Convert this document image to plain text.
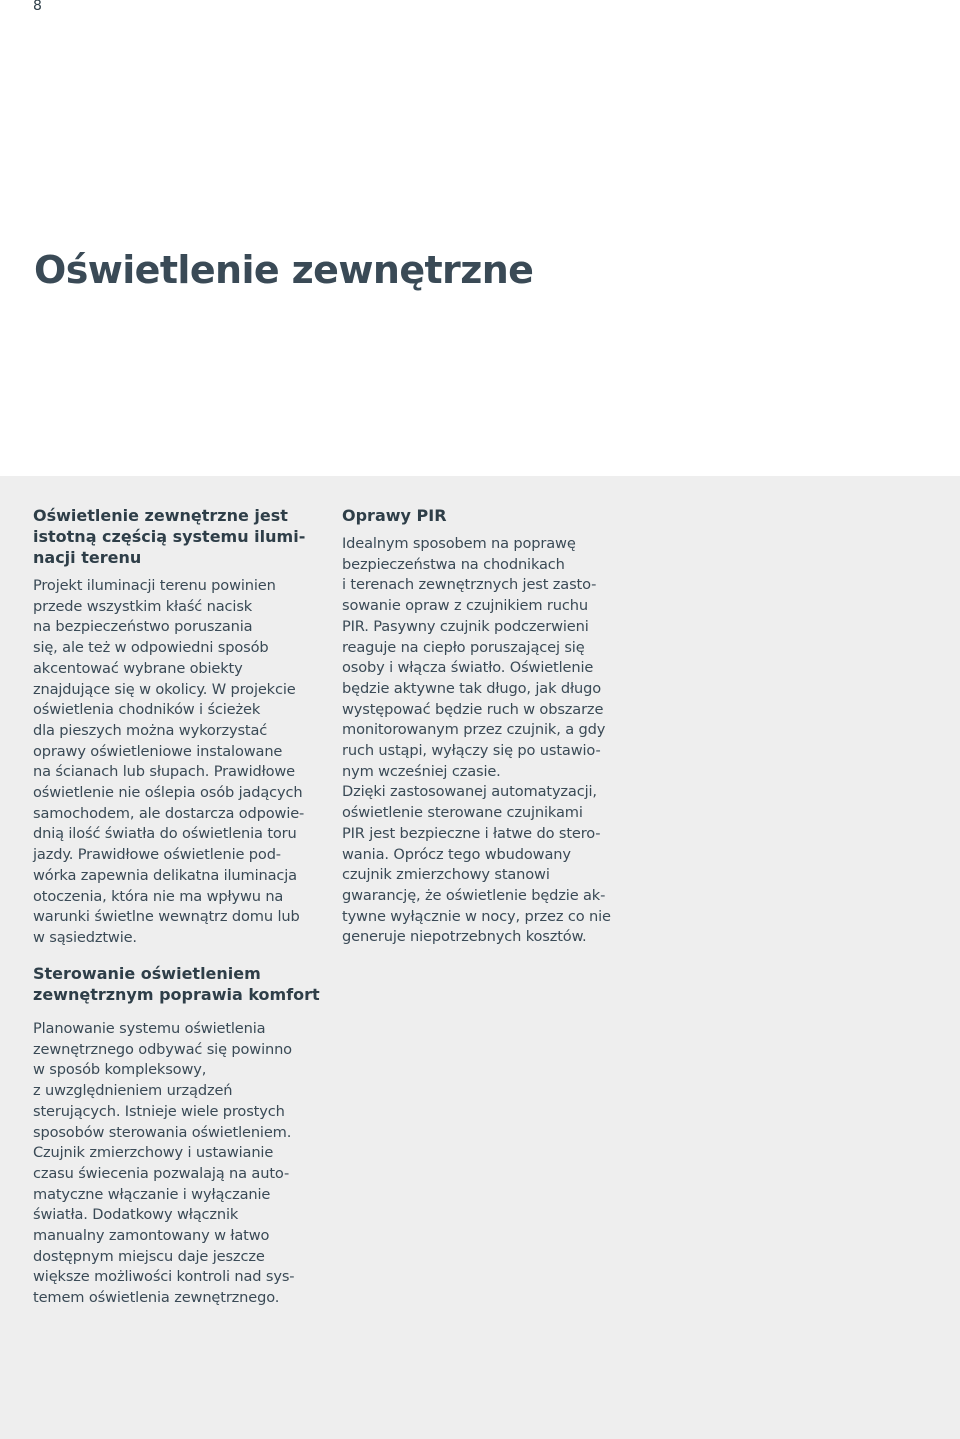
8
Oświetlenie zewnętrzne
Oświetlenie zewnętrzne jest
istotną częścią systemu ilumi-
nacji terenu

Projekt iluminacji terenu powinien
przede wszystkim kłaść nacisk
na bezpieczeństwo poruszania
się, ale też w odpowiedni sposób
akcentować wybrane obiekty
znajdujące się w okolicy. W projekcie
oświetlenia chodników i ścieżek
dla pieszych można wykorzystać
oprawy oświetleniowe instalowane
na ścianach lub słupach. Prawidłowe
oświetlenie nie oślepia osób jadących
samochodem, ale dostarcza odpowie-
dnią ilość światła do oświetlenia toru
jazdy. Prawidłowe oświetlenie pod-
wórka zapewnia delikatna iluminacja
otoczenia, która nie ma wpływu na
warunki świetlne wewnątrz domu lub
w sąsiedztwie.

Sterowanie oświetleniem
zewnętrznym poprawia komfort

Planowanie systemu oświetlenia
zewnętrznego odbywać się powinno
w sposób kompleksowy,
z uwzględnieniem urządzeń
sterujących. Istnieje wiele prostych
sposobów sterowania oświetleniem.
Czujnik zmierzchowy i ustawianie
czasu świecenia pozwalają na auto-
matyczne włączanie i wyłączanie
światła. Dodatkowy włącznik
manualny zamontowany w łatwo
dostępnym miejscu daje jeszcze
większe możliwości kontroli nad sys-
temem oświetlenia zewnętrznego.

Oprawy PIR

Idealnym sposobem na poprawę
bezpieczeństwa na chodnikach
i terenach zewnętrznych jest zasto-
sowanie opraw z czujnikiem ruchu
PIR. Pasywny czujnik podczerwieni
reaguje na ciepło poruszającej się
osoby i włącza światło. Oświetlenie
będzie aktywne tak długo, jak długo
występować będzie ruch w obszarze
monitorowanym przez czujnik, a gdy
ruch ustąpi, wyłączy się po ustawio-
nym wcześniej czasie.
Dzięki zastosowanej automatyzacji,
oświetlenie sterowane czujnikami
PIR jest bezpieczne i łatwe do stero-
wania. Oprócz tego wbudowany
czujnik zmierzchowy stanowi
gwarancję, że oświetlenie będzie ak-
tywne wyłącznie w nocy, przez co nie
generuje niepotrzebnych kosztów.
